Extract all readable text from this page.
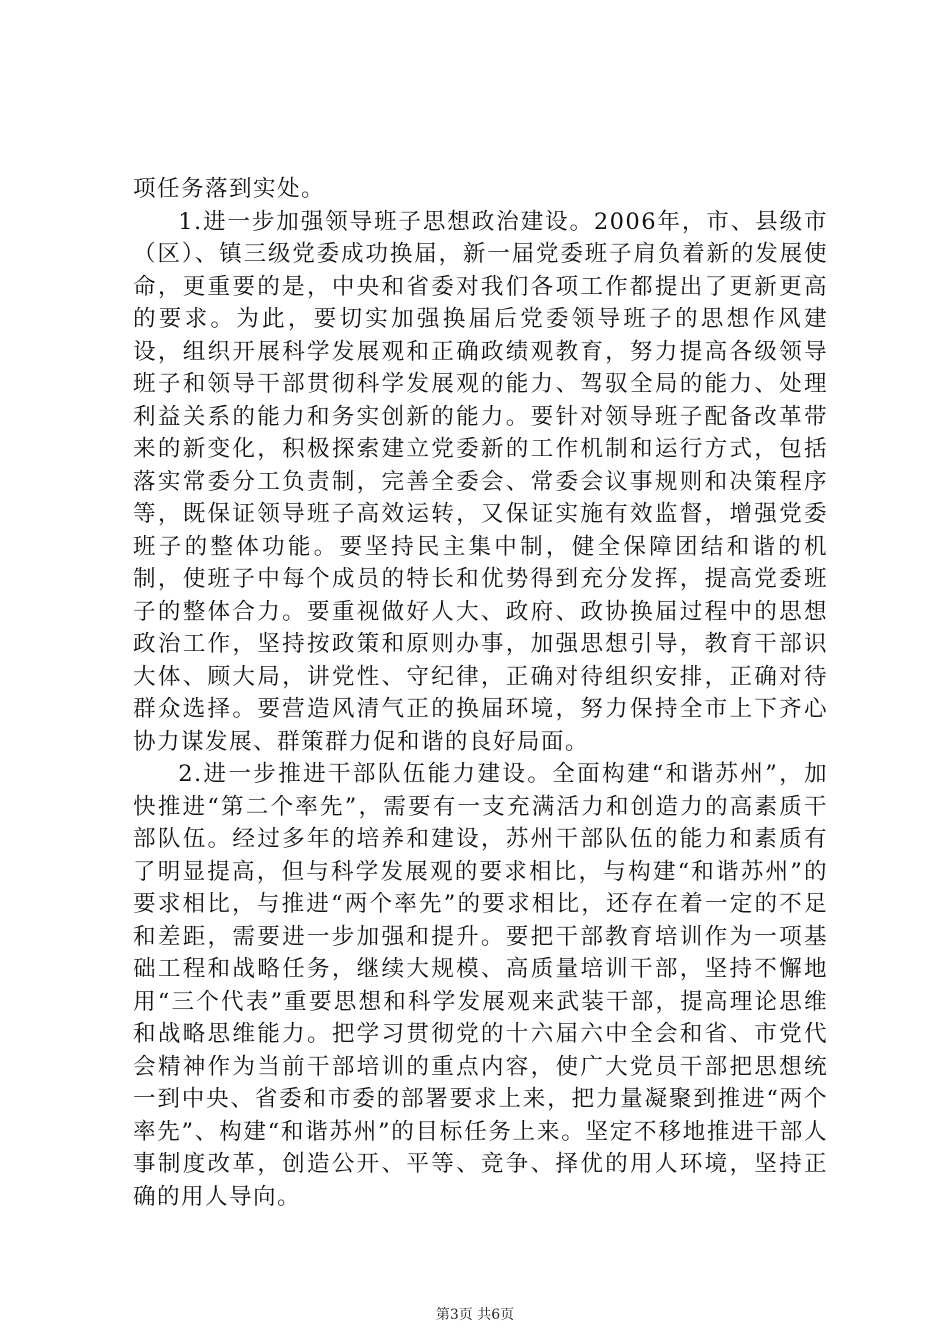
项任务落到实处。

1.进一步加强领导班子思想政治建设。2006年，市、县级市（区）、镇三级党委成功换届，新一届党委班子肩负着新的发展使命，更重要的是，中央和省委对我们各项工作都提出了更新更高的要求。为此，要切实加强换届后党委领导班子的思想作风建设，组织开展科学发展观和正确政绩观教育，努力提高各级领导班子和领导干部贯彻科学发展观的能力、驾驭全局的能力、处理利益关系的能力和务实创新的能力。要针对领导班子配备改革带来的新变化，积极探索建立党委新的工作机制和运行方式，包括落实常委分工负责制，完善全委会、常委会议事规则和决策程序等，既保证领导班子高效运转，又保证实施有效监督，增强党委班子的整体功能。要坚持民主集中制，健全保障团结和谐的机制，使班子中每个成员的特长和优势得到充分发挥，提高党委班子的整体合力。要重视做好人大、政府、政协换届过程中的思想政治工作，坚持按政策和原则办事，加强思想引导，教育干部识大体、顾大局，讲党性、守纪律，正确对待组织安排，正确对待群众选择。要营造风清气正的换届环境，努力保持全市上下齐心协力谋发展、群策群力促和谐的良好局面。

2.进一步推进干部队伍能力建设。全面构建“和谐苏州”，加快推进“第二个率先”，需要有一支充满活力和创造力的高素质干部队伍。经过多年的培养和建设，苏州干部队伍的能力和素质有了明显提高，但与科学发展观的要求相比，与构建“和谐苏州”的要求相比，与推进“两个率先”的要求相比，还存在着一定的不足和差距，需要进一步加强和提升。要把干部教育培训作为一项基础工程和战略任务，继续大规模、高质量培训干部，坚持不懈地用“三个代表”重要思想和科学发展观来武装干部，提高理论思维和战略思维能力。把学习贯彻党的十六届六中全会和省、市党代会精神作为当前干部培训的重点内容，使广大党员干部把思想统一到中央、省委和市委的部署要求上来，把力量凝聚到推进“两个率先”、构建“和谐苏州”的目标任务上来。坚定不移地推进干部人事制度改革，创造公开、平等、竞争、择优的用人环境，坚持正确的用人导向。

第3页 共6页
